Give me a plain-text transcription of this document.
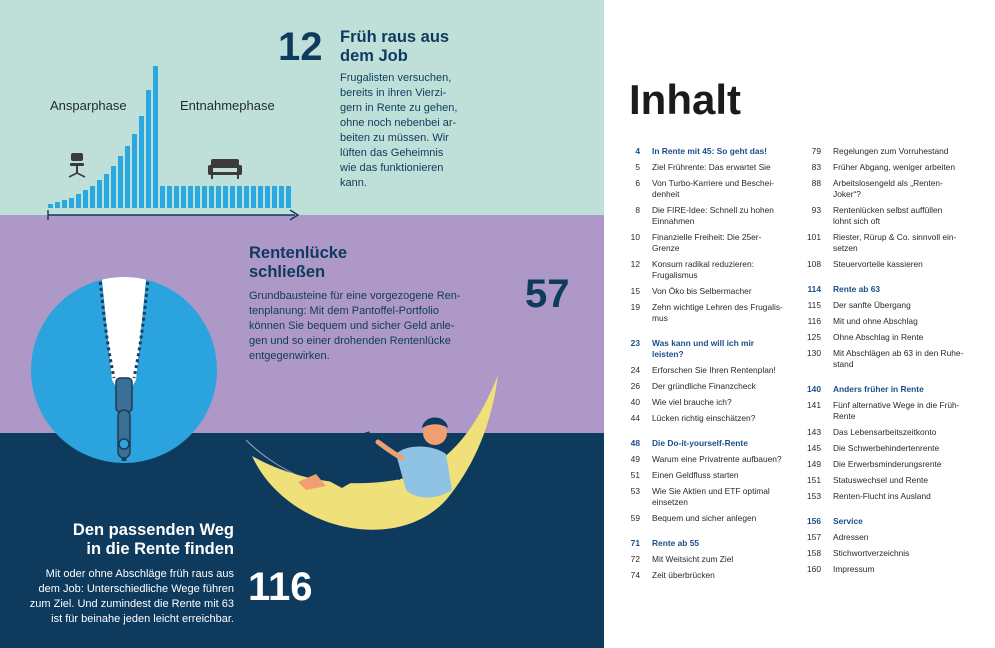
Ansparphase	Entnahmephase
12 Früh raus aus
dem Job
Frugalisten versuchen,
bereits in ihren Vierzi-
gern in Rente zu gehen,
ohne noch nebenbei ar-
beiten zu müssen. Wir
lüften das Geheimnis
wie das funktionieren
kann.
Rentenlücke
schließen
Grundbausteine für eine vorgezogene Ren-
tenplanung: Mit dem Pantoffel-Portfolio
können Sie bequem und sicher Geld anle-
gen und so einer drohenden Rentenlücke
entgegenwirken.
57
Den passenden Weg
in die Rente finden
Mit oder ohne Abschläge früh raus aus
dem Job: Unterschiedliche Wege führen
zum Ziel. Und zumindest die Rente mit 63
ist für beinahe jeden leicht erreichbar.
116
Inhalt
4	In Rente mit 45: So geht das!
5	Ziel Frührente: Das erwartet Sie
6	Von Turbo-Karriere und Beschei-
denheit
8	Die FIRE-Idee: Schnell zu hohen
Einnahmen
10	Finanzielle Freiheit: Die 25er-
Grenze
12	Konsum radikal reduzieren:
Frugalismus
15	Von Öko bis Selbermacher
19	Zehn wichtige Lehren des Frugalis-
mus
23	Was kann und will ich mir
leisten?
24	Erforschen Sie Ihren Rentenplan!
26	Der gründliche Finanzcheck
40	Wie viel brauche ich?
44	Lücken richtig einschätzen?
48	Die Do-it-yourself-Rente
49	Warum eine Privatrente aufbauen?
51	Einen Geldfluss starten
53	Wie Sie Aktien und ETF optimal
einsetzen
59	Bequem und sicher anlegen
71	Rente ab 55
72	Mit Weitsicht zum Ziel
74	Zeit überbrücken
79	Regelungen zum Vorruhestand
83	Früher Abgang, weniger arbeiten
88	Arbeitslosengeld als „Renten-
Joker“?
93	Rentenlücken selbst auffüllen
lohnt sich oft
101	Riester, Rürup & Co. sinnvoll ein-
setzen
108	Steuervorteile kassieren
114	Rente ab 63
115	Der sanfte Übergang
116	Mit und ohne Abschlag
125	Ohne Abschlag in Rente
130	Mit Abschlägen ab 63 in den Ruhe-
stand
140	Anders früher in Rente
141	Fünf alternative Wege in die Früh-
Rente
143	Das Lebensarbeitszeitkonto
145	Die Schwerbehindertenrente
149	Die Erwerbsminderungsrente
151	Statuswechsel und Rente
153	Renten-Flucht ins Ausland
156	Service
157	Adressen
158	Stichwortverzeichnis
160	Impressum
